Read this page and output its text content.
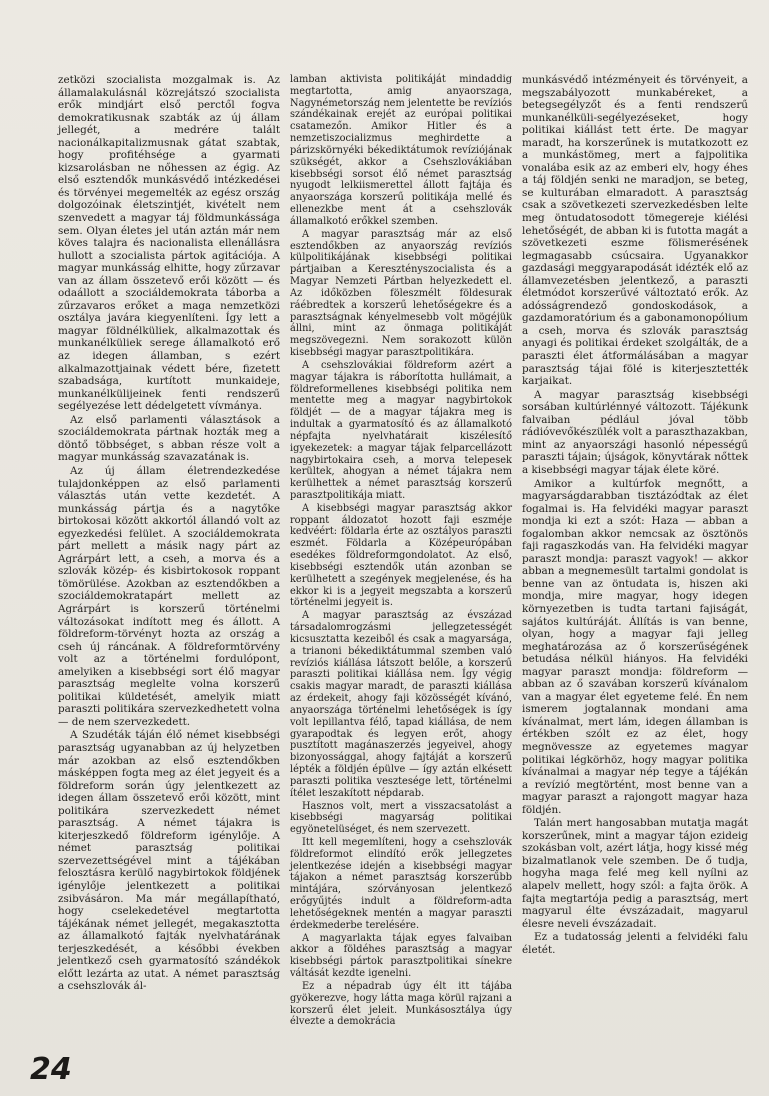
zetközi szocialista mozgalmak is. Az államalakulásnál közrejátszó szocialista erők mindjárt első perctől fogva demokratikusnak szabták az új állam jellegét, a medrére talált nacionálkapitalizmusnak gátat szabtak, hogy profitéhsége a gyarmati kizsarolásban ne nőhessen az égig. Az első esztendők munkásvédő intézkedései és törvényei megemelték az egész ország dolgozóinak életszintjét, kivételt nem szenvedett a magyar táj földmunkássága sem. Olyan életes jel után aztán már nem köves talajra és nacionalista ellenállásra hullott a szocialista pártok agitációja. A magyar munkásság elhitte, hogy zűrzavar van az állam összetevő erői között — és odaállott a szociáldemokrata táborba a zűrzavaros erőket a maga nemzetközi osztálya javára kiegyenlíteni. Így lett a magyar földnélküliek, alkalmazottak és munkanélküliek serege államalkotó erő az idegen államban, s ezért alkalmazottjainak védett bére, fizetett szabadsága, kurtított munkaideje, munkanélkülijeinek fenti rendszerű segélyezése lett dédelgetett vívmánya.

Az első parlamenti választások a szociáldemokrata pártnak hozták meg a döntő többséget, s abban része volt a magyar munkásság szavazatának is.

Az új állam életrendezkedése tulajdonképpen az első parlamenti választás után vette kezdetét. A munkásság pártja és a nagytőke birtokosai között akkortól állandó volt az egyezkedési felület. A szociáldemokrata párt mellett a másik nagy párt az Agrárpárt lett, a cseh, a morva és a szlovák közép- és kisbirtokosok roppant tömörülése. Azokban az esztendőkben a szociáldemokratapárt mellett az Agrárpárt is korszerű történelmi változásokat indított meg és állott. A földreform-törvényt hozta az ország a cseh új ráncának. A földreformtörvény volt az a történelmi fordulópont, amelyiken a kisebbségi sort élő magyar parasztság meglelte volna korszerű politikai küldetését, amelyik miatt paraszti politikára szervezkedhetett volna — de nem szervezkedett.

A Szudéták táján élő német kisebbségi parasztság ugyanabban az új helyzetben már azokban az első esztendőkben másképpen fogta meg az élet jegyeit és a földreform során úgy jelentkezett az idegen állam összetevő erői között, mint politikára szervezkedett német parasztság. A német tájakra is kiterjeszkedő földreform igénylője. A német parasztság politikai szervezettségével mint a tájékában felosztásra kerülő nagybirtokok földjének igénylője jelentkezett a politikai zsibvásáron. Ma már megállapítható, hogy cselekedetével megtartotta tájékának német jellegét, megakasztotta az államalkotó fajták nyelvhatárának terjeszkedését, a későbbi években jelentkező cseh gyarmatosító szándékok előtt lezárta az utat. A német parasztság a csehszlovák ál-

lamban aktivista politikáját mindaddig megtartotta, amig anyaorszaga, Nagynémetország nem jelentette be revíziós szándékainak erejét az európai politikai csatamezőn. Amikor Hitler és a nemzetiszocializmus meghirdette a párizskörnyéki békediktátumok revíziójának szükségét, akkor a Csehszlovákiában kisebbségi sorsot élő német parasztság nyugodt lelkiismerettel állott fajtája és anyaországa korszerű politikája mellé és ellenezkbe ment át a csehszlovák államalkotó erőkkel szemben.

A magyar parasztság már az első esztendőkben az anyaország revíziós külpolitikájának kisebbségi politikai pártjaiban a Keresztényszocialista és a Magyar Nemzeti Pártban helyezkedett el. Az időközben föleszmélt földesurak ráébredtek a korszerű lehetőségekre és a parasztságnak kényelmesebb volt mögéjük állni, mint az önmaga politikáját megszövegezni. Nem sorakozott külön kisebbségi magyar parasztpolitikára.

A csehszlovákiai földreform azért a magyar tájakra is ráborította hullámait, a földreformellenes kisebbségi politika nem mentette meg a magyar nagybirtokok földjét — de a magyar tájakra meg is indultak a gyarmatosító és az államalkotó népfajta nyelvhatárait kiszélesítő igyekezetek: a magyar tájak felparcellázott nagybirtokaira cseh, a morva telepesek kerültek, ahogyan a német tájakra nem kerülhettek a német parasztság korszerű parasztpolitikája miatt.

A kisebbségi magyar parasztság akkor roppant áldozatot hozott faji eszméje kedvéért: földarla érte az osztályos paraszti eszmét. Földarla a Középeurópában esedékes földreformgondolatot. Az első, kisebbségi esztendők után azonban se kerülhetett a szegények megjelenése, és ha ekkor ki is a jegyeit megszabta a korszerű történelmi jegyeit is.

A magyar parasztság az évszázad társadalomrogzásmi jellegzetességét kicsusztatta kezeiből és csak a magyarsága, a trianoni békediktátummal szemben való revíziós kiállása látszott belőle, a korszerű paraszti politikai kiállása nem. Így végig csakis magyar maradt, de paraszti kiállása az érdekeit, ahogy faji közösségét kívánó, anyaországa történelmi lehetőségek is így volt lepillantva félő, tapad kiállása, de nem gyarapodtak és legyen erőt, ahogy pusztított magánaszerzés jegyeivel, ahogy bizonyossággal, ahogy fajtáját a korszerű lépték a földjén épülve — így aztán elkésett paraszti politika vesztesége lett, történelmi ítélet leszakított népdarab.

Hasznos volt, mert a visszacsatolást a kisebbségi magyarság politikai egyönetelüséget, és nem szervezett.

Itt kell megemlíteni, hogy a csehszlovák földreformot elindító erők jellegzetes jelentkezése idején a kisebbségi magyar tájakon a német parasztság korszerűbb mintájára, szórványosan jelentkező erőgyűjtés indult a földreform-adta lehetőségeknek mentén a magyar paraszti érdekmederbe terelésére.

A magyarlakta tájak egyes falvaiban akkor a földéhes parasztság a magyar kisebbségi pártok parasztpolitikai sínekre váltását kezdte igenelni.

Ez a népadrab úgy élt itt tájába gyökerezve, hogy látta maga körül rajzani a korszerű élet jeleit. Munkásosztálya úgy élvezte a demokrácia

munkásvédő intézményeit és törvényeit, a megszabályozott munkabéreket, a betegsegélyzőt és a fenti rendszerű munkanélküli-segélyezéseket, hogy politikai kiállást tett érte. De magyar maradt, ha korszerűnek is mutatkozott ez a munkástömeg, mert a fajpolitika vonalába esik az az emberi elv, hogy éhes a táj földjén senki ne maradjon, se beteg, se kulturában elmaradott. A parasztság csak a szövetkezeti szervezkedésben lelte meg öntudatosodott tömegereje kiélési lehetőségét, de abban ki is futotta magát a szövetkezeti eszme fölismerésének legmagasabb csúcsaira. Ugyanakkor gazdasági meggyarapodását idézték elő az államvezetésben jelentkező, a paraszti életmódot korszerűvé változtató erők. Az adósságrendező gondoskodások, a gazdamoratórium és a gabonamonopólium a cseh, morva és szlovák parasztság anyagi és politikai érdeket szolgálták, de a paraszti élet átformálásában a magyar parasztság tájai fölé is kiterjesztették karjaikat.

A magyar parasztság kisebbségi sorsában kultúrlénnyé változott. Tájékunk falvaiban pédlául jóval több rádióvevőkészülék volt a paraszthazakban, mint az anyaországi hasonló népességű paraszti tájain; újságok, könyvtárak nőttek a kisebbségi magyar tájak élete köré.

Amikor a kultúrfok megnőtt, a magyarságdarabban tisztázódtak az élet fogalmai is. Ha felvidéki magyar paraszt mondja ki ezt a szót: Haza — abban a fogalomban akkor nemcsak az ösztönös faji ragaszkodás van. Ha felvidéki magyar paraszt mondja: paraszt vagyok! — akkor abban a megnemesült tartalmi gondolat is benne van az öntudata is, hiszen aki mondja, mire magyar, hogy idegen környezetben is tudta tartani fajiságát, sajátos kultúráját. Állítás is van benne, olyan, hogy a magyar faji jelleg meghatározása az ő korszerűségének betudása nélkül hiányos. Ha felvidéki magyar paraszt mondja: földreform — abban az ő szavában korszerű kívánalom van a magyar élet egyeteme felé. Én nem ismerem jogtalannak mondani ama kívánalmat, mert lám, idegen államban is értékben szólt ez az élet, hogy megnövessze az egyetemes magyar politikai légkörhöz, hogy magyar politika kívánalmai a magyar nép tegye a tájékán a revízió megtörtént, most benne van a magyar paraszt a rajongott magyar haza földjén.

Talán mert hangosabban mutatja magát korszerűnek, mint a magyar tájon ezideig szokásban volt, azért látja, hogy kissé még bizalmatlanok vele szemben. De ő tudja, hogyha maga felé meg kell nyílni az alapelv mellett, hogy szól: a fajta örök. A fajta megtartója pedig a parasztság, mert magyarul élte évszázadait, magyarul élesre neveli évszázadait.

Ez a tudatosság jelenti a felvidéki falu életét.

24
